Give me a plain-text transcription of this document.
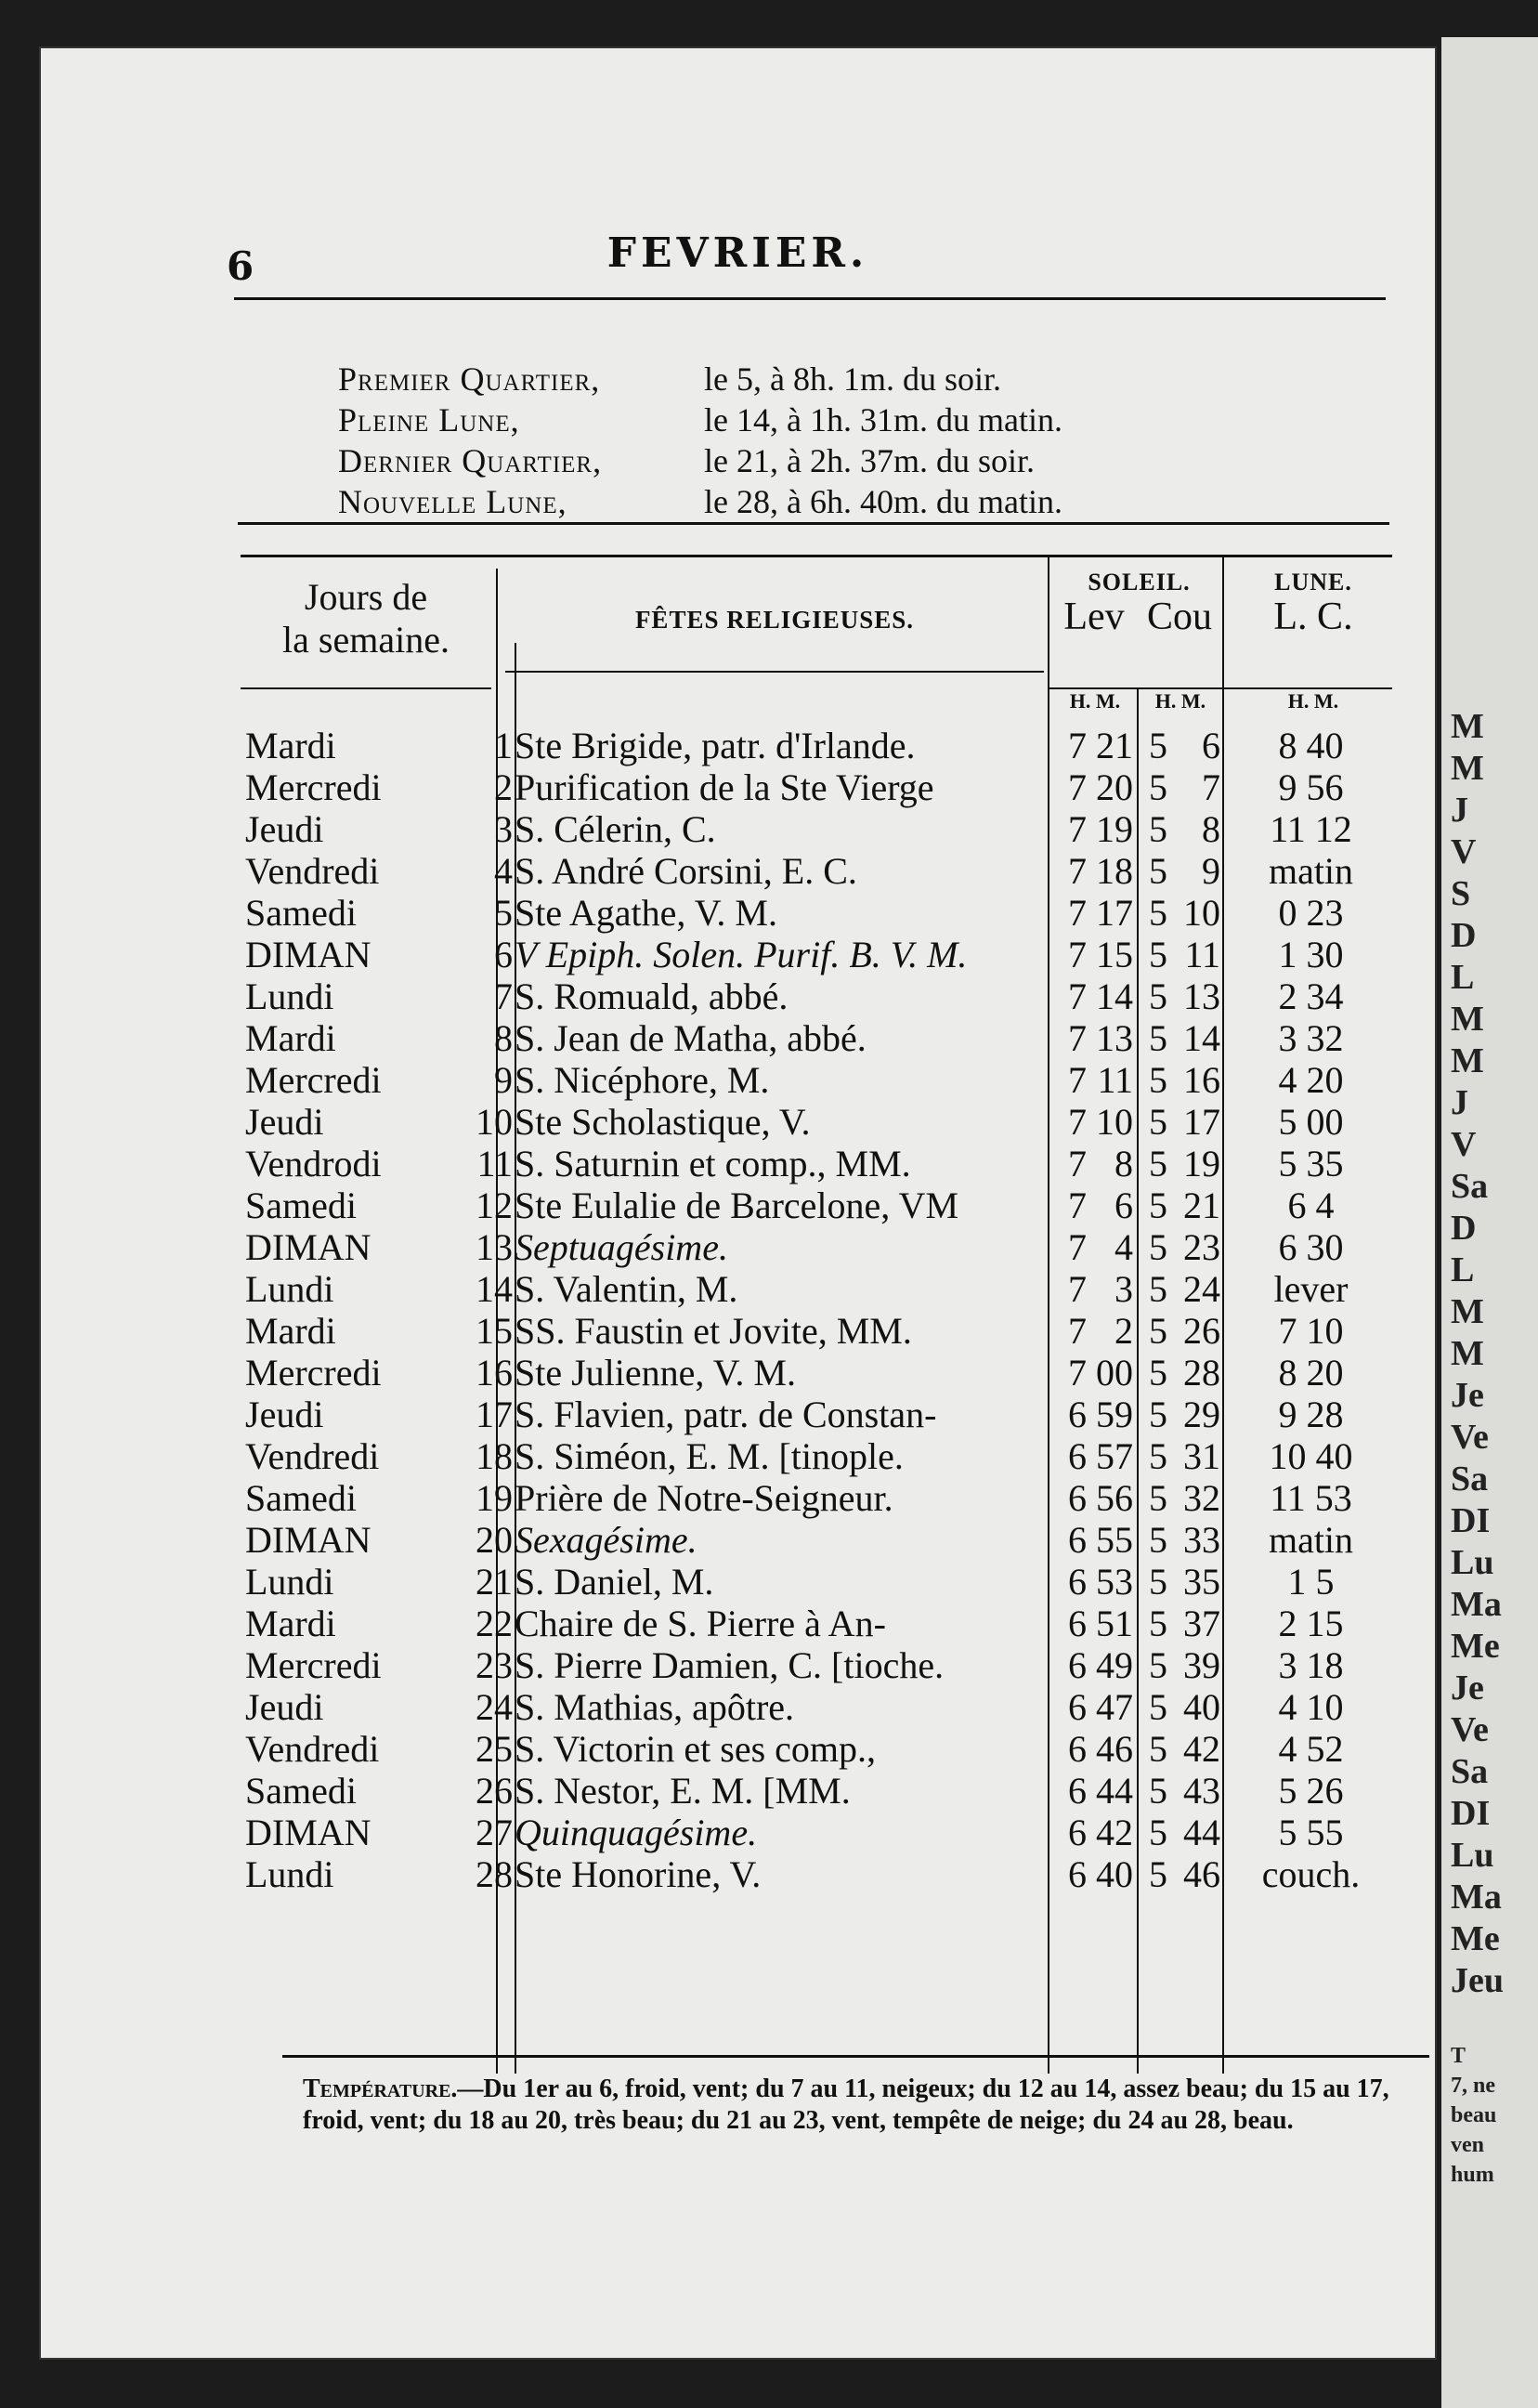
6	FEVRIER.
Premier Quartier,	le 5, à 8h. 1m. du soir.
Pleine Lune,	le 14, à 1h. 31m. du matin.
Dernier Quartier,	le 21, à 2h. 37m. du soir.
Nouvelle Lune,	le 28, à 6h. 40m. du matin.
Jours de
la semaine.	FÊTES RELIGIEUSES.
SOLEIL.
Lev Cou
LUNE.
L. C.
H. M.	H. M.	H. M.
Mardi	1 Ste Brigide, patr. d'Irlande.	7 21 5 6	8 40
Mercredi	2 Purification de la Ste Vierge	7 20 5 7	9 56
Jeudi	3 S. Célerin, C.	7 19 5 8	11 12
Vendredi	4 S. André Corsini, E. C.	7 18 5 9	matin
Samedi	5 Ste Agathe, V. M.	7 17 5 10	0 23
DIMAN	6 V Epiph. Solen. Purif. B. V. M.	7 15 5 11	1 30
Lundi	7 S. Romuald, abbé.	7 14 5 13	2 34
Mardi	8 S. Jean de Matha, abbé.	7 13 5 14	3 32
Mercredi	9 S. Nicéphore, M.	7 11 5 16	4 20
Jeudi	10 Ste Scholastique, V.	7 10 5 17	5 00
Vendrodi	11 S. Saturnin et comp., MM.	7 8 5 19	5 35
Samedi	12 Ste Eulalie de Barcelone, VM	7 6 5 21	6 4
DIMAN	13 Septuagésime.	7 4 5 23	6 30
Lundi	14 S. Valentin, M.	7 3 5 24	lever
Mardi	15 SS. Faustin et Jovite, MM.	7 2 5 26	7 10
Mercredi	16 Ste Julienne, V. M.	7 00 5 28	8 20
Jeudi	17 S. Flavien, patr. de Constan-	6 59 5 29	9 28
Vendredi	18 S. Siméon, E. M. [tinople.	6 57 5 31	10 40
Samedi	19 Prière de Notre-Seigneur.	6 56 5 32	11 53
DIMAN	20 Sexagésime.	6 55 5 33	matin
Lundi	21 S. Daniel, M.	6 53 5 35	1 5
Mardi	22 Chaire de S. Pierre à An-	6 51 5 37	2 15
Mercredi	23 S. Pierre Damien, C. [tioche.	6 49 5 39	3 18
Jeudi	24 S. Mathias, apôtre.	6 47 5 40	4 10
Vendredi	25 S. Victorin et ses comp.,	6 46 5 42	4 52
Samedi	26 S. Nestor, E. M. [MM.	6 44 5 43	5 26
DIMAN	27 Quinquagésime.	6 42 5 44	5 55
Lundi	28 Ste Honorine, V.	6 40 5 46	couch.
Température.—Du 1er au 6, froid, vent; du 7 au 11, neigeux; du 12 au 14, assez beau; du 15 au 17, froid, vent; du 18 au 20, très beau; du 21 au 23, vent, tempête de neige; du 24 au 28, beau.
M
M
J
V
S
D
L
M
M
J
V
Sa
D
L
M
M
Je
Ve
Sa
DI
Lu
Ma
Me
Je
Ve
Sa
DI
Lu
Ma
Me
Jeu
T
7, ne
beau
ven
hum
